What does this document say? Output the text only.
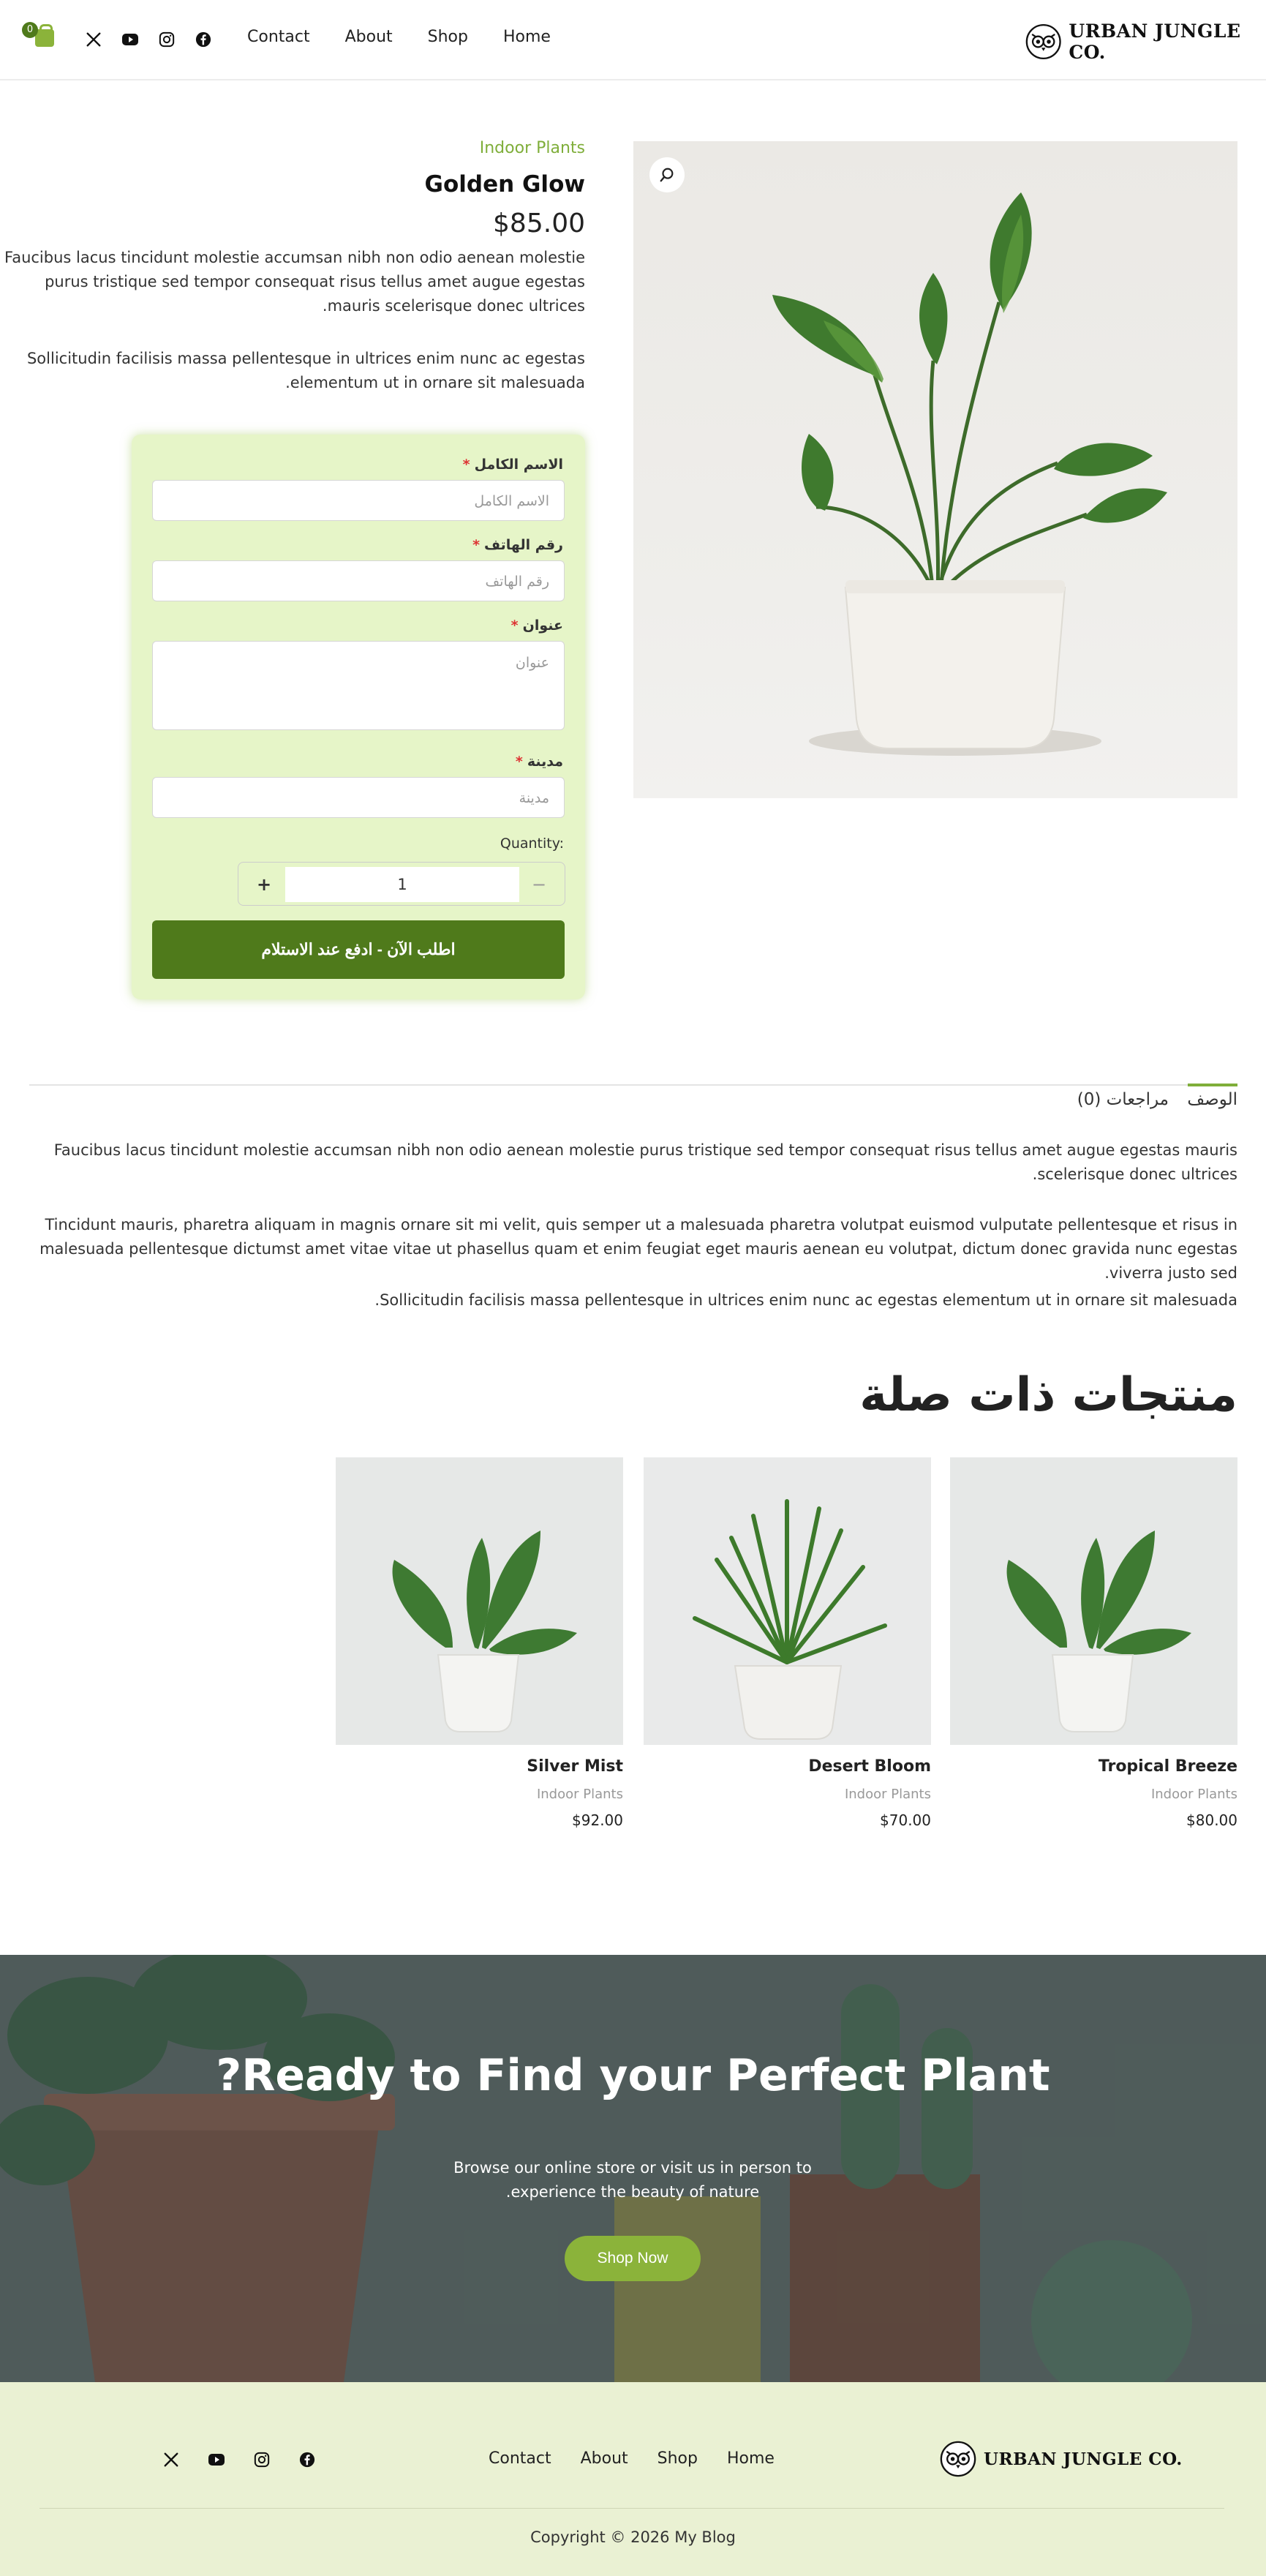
0	Contact About Shop Home	URBAN JUNGLE CO.
Indoor Plants
Golden Glow
$85.00

Faucibus lacus tincidunt molestie accumsan nibh non odio aenean molestie purus tristique sed tempor consequat risus tellus amet augue egestas mauris scelerisque donec ultrices.

Sollicitudin facilisis massa pellentesque in ultrices enim nunc ac egestas elementum ut in ornare sit malesuada.

الاسم الكامل*
الاسم الكامل
رقم الهاتف*
رقم الهاتف
عنوان*
عنوان
مدينة*
مدينة
Quantity:
+	1	−
اطلب الآن - ادفع عند الاستلام
الوصف
مراجعات (0)

Faucibus lacus tincidunt molestie accumsan nibh non odio aenean molestie purus tristique sed tempor consequat risus tellus amet augue egestas mauris scelerisque donec ultrices.

Tincidunt mauris, pharetra aliquam in magnis ornare sit mi velit, quis semper ut a malesuada pharetra volutpat euismod vulputate pellentesque et risus in malesuada pellentesque dictumst amet vitae vitae ut phasellus quam et enim feugiat eget mauris aenean eu volutpat, dictum donec gravida nunc egestas viverra justo sed.

Sollicitudin facilisis massa pellentesque in ultrices enim nunc ac egestas elementum ut in ornare sit malesuada.

منتجات ذات صلة
Tropical Breeze
Indoor Plants
$80.00
Desert Bloom
Indoor Plants
$70.00
Silver Mist
Indoor Plants
$92.00
Ready to Find your Perfect Plant?

Browse our online store or visit us in person to experience the beauty of nature.

Shop Now
Contact About Shop Home	URBAN JUNGLE CO.
Copyright © 2026 My Blog
